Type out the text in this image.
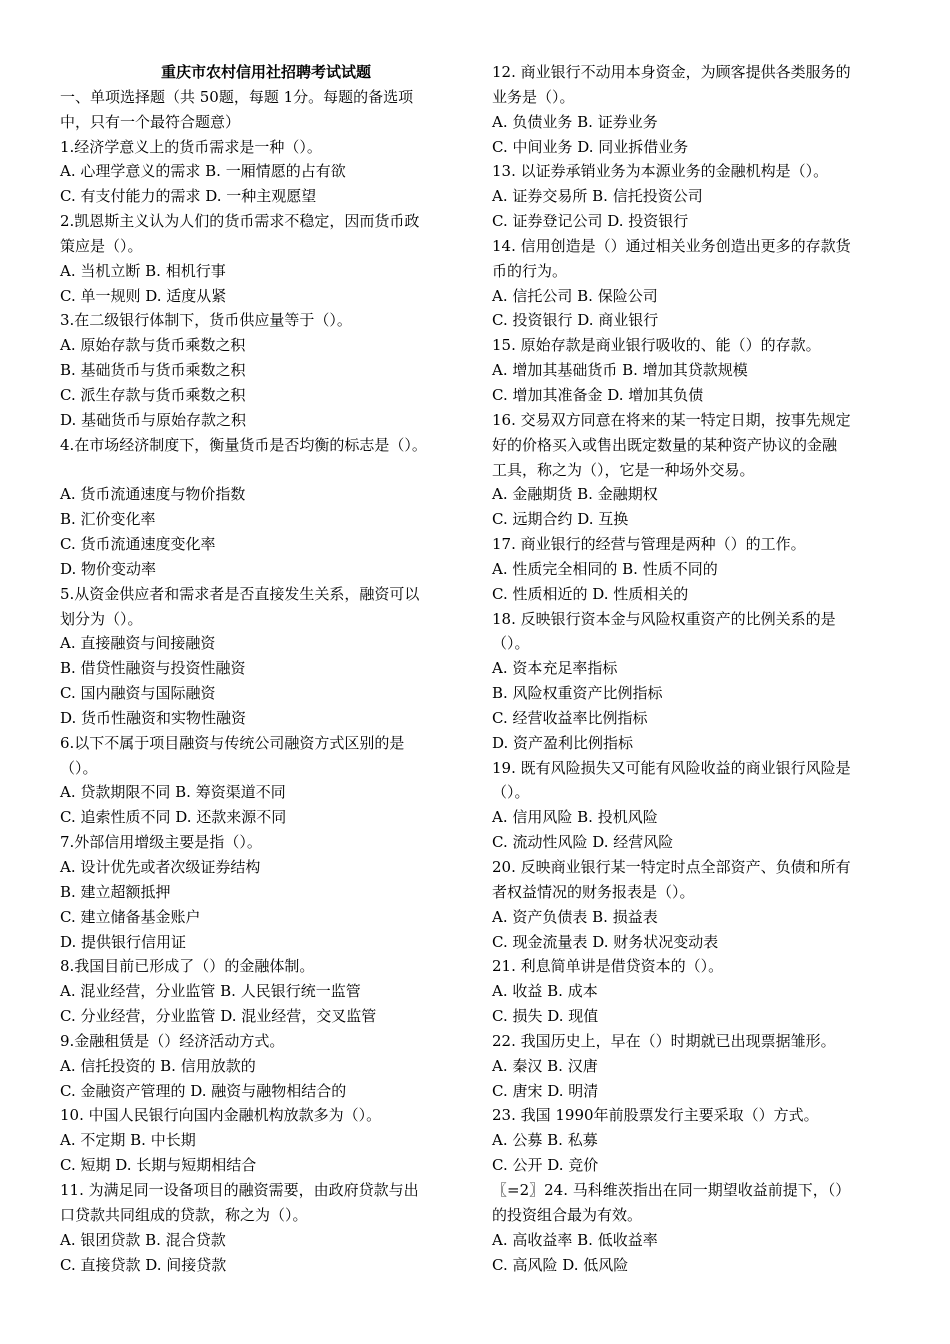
重庆市农村信用社招聘考试试题
一、单项选择题（共 50题，每题 1分。每题的备选项
中，只有一个最符合题意）
1.经济学意义上的货币需求是一种（）。
A. 心理学意义的需求 B. 一厢情愿的占有欲
C. 有支付能力的需求 D. 一种主观愿望
2.凯恩斯主义认为人们的货币需求不稳定，因而货币政
策应是（）。
A. 当机立断 B. 相机行事
C. 单一规则 D. 适度从紧
3.在二级银行体制下，货币供应量等于（）。
A. 原始存款与货币乘数之积
B. 基础货币与货币乘数之积
C. 派生存款与货币乘数之积
D. 基础货币与原始存款之积
4.在市场经济制度下，衡量货币是否均衡的标志是（）。
A. 货币流通速度与物价指数
B. 汇价变化率
C. 货币流通速度变化率
D. 物价变动率
5.从资金供应者和需求者是否直接发生关系，融资可以
划分为（）。
A. 直接融资与间接融资
B. 借贷性融资与投资性融资
C. 国内融资与国际融资
D. 货币性融资和实物性融资
6.以下不属于项目融资与传统公司融资方式区别的是
（）。
A. 贷款期限不同 B. 筹资渠道不同
C. 追索性质不同 D. 还款来源不同
7.外部信用增级主要是指（）。
A. 设计优先或者次级证券结构
B. 建立超额抵押
C. 建立储备基金账户
D. 提供银行信用证
8.我国目前已形成了（）的金融体制。
A. 混业经营，分业监管 B. 人民银行统一监管
C. 分业经营，分业监管 D. 混业经营，交叉监管
9.金融租赁是（）经济活动方式。
A. 信托投资的 B. 信用放款的
C. 金融资产管理的 D. 融资与融物相结合的
10. 中国人民银行向国内金融机构放款多为（）。
A. 不定期 B. 中长期
C. 短期 D. 长期与短期相结合
11. 为满足同一设备项目的融资需要，由政府贷款与出
口贷款共同组成的贷款，称之为（）。
A. 银团贷款 B. 混合贷款
C. 直接贷款 D. 间接贷款
12. 商业银行不动用本身资金，为顾客提供各类服务的
业务是（）。
A. 负债业务 B. 证券业务
C. 中间业务 D. 同业拆借业务
13. 以证券承销业务为本源业务的金融机构是（）。
A. 证券交易所 B. 信托投资公司
C. 证券登记公司 D. 投资银行
14. 信用创造是（）通过相关业务创造出更多的存款货
币的行为。
A. 信托公司 B. 保险公司
C. 投资银行 D. 商业银行
15. 原始存款是商业银行吸收的、能（）的存款。
A. 增加其基础货币 B. 增加其贷款规模
C. 增加其准备金 D. 增加其负债
16. 交易双方同意在将来的某一特定日期，按事先规定
好的价格买入或售出既定数量的某种资产协议的金融
工具，称之为（），它是一种场外交易。
A. 金融期货 B. 金融期权
C. 远期合约 D. 互换
17. 商业银行的经营与管理是两种（）的工作。
A. 性质完全相同的 B. 性质不同的
C. 性质相近的 D. 性质相关的
18. 反映银行资本金与风险权重资产的比例关系的是
（）。
A. 资本充足率指标
B. 风险权重资产比例指标
C. 经营收益率比例指标
D. 资产盈利比例指标
19. 既有风险损失又可能有风险收益的商业银行风险是
（）。
A. 信用风险 B. 投机风险
C. 流动性风险 D. 经营风险
20. 反映商业银行某一特定时点全部资产、负债和所有
者权益情况的财务报表是（）。
A. 资产负债表 B. 损益表
C. 现金流量表 D. 财务状况变动表
21. 利息简单讲是借贷资本的（）。
A. 收益 B. 成本
C. 损失 D. 现值
22. 我国历史上，早在（）时期就已出现票据雏形。
A. 秦汉 B. 汉唐
C. 唐宋 D. 明清
23. 我国 1990年前股票发行主要采取（）方式。
A. 公募 B. 私募
C. 公开 D. 竞价
〖=2〗24. 马科维茨指出在同一期望收益前提下，（）
的投资组合最为有效。
A. 高收益率 B. 低收益率
C. 高风险 D. 低风险
